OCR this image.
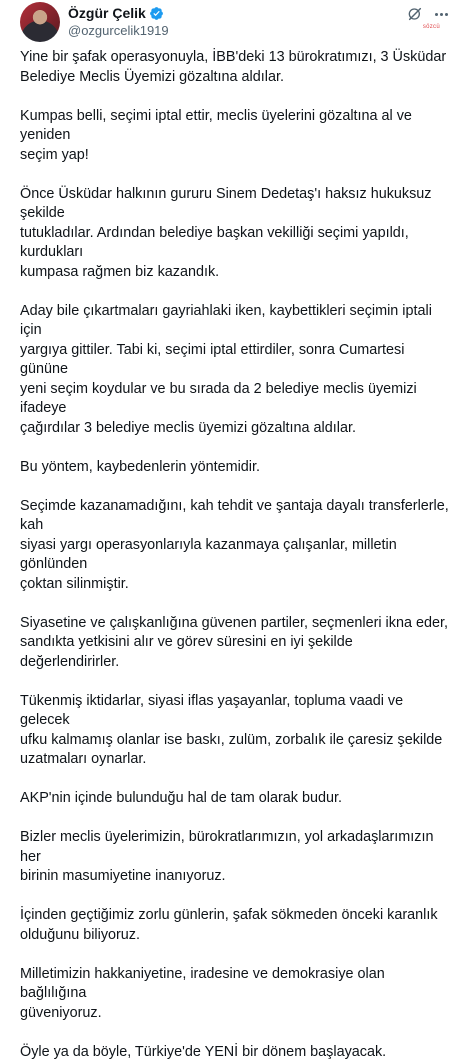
Özgür Çelik
@ozgurcelik1919	sözcü

Yine bir şafak operasyonuyla, İBB'deki 13 bürokratımızı, 3 Üsküdar
Belediye Meclis Üyemizi gözaltına aldılar.

Kumpas belli, seçimi iptal ettir, meclis üyelerini gözaltına al ve yeniden
seçim yap!

Önce Üsküdar halkının gururu Sinem Dedetaş'ı haksız hukuksuz şekilde
tutukladılar. Ardından belediye başkan vekilliği seçimi yapıldı, kurdukları
kumpasa rağmen biz kazandık.

Aday bile çıkartmaları gayriahlaki iken, kaybettikleri seçimin iptali için
yargıya gittiler. Tabi ki, seçimi iptal ettirdiler, sonra Cumartesi gününe
yeni seçim koydular ve bu sırada da 2 belediye meclis üyemizi ifadeye
çağırdılar 3 belediye meclis üyemizi gözaltına aldılar.

Bu yöntem, kaybedenlerin yöntemidir.

Seçimde kazanamadığını, kah tehdit ve şantaja dayalı transferlerle, kah
siyasi yargı operasyonlarıyla kazanmaya çalışanlar, milletin gönlünden
çoktan silinmiştir.

Siyasetine ve çalışkanlığına güvenen partiler, seçmenleri ikna eder,
sandıkta yetkisini alır ve görev süresini en iyi şekilde değerlendirirler.

Tükenmiş iktidarlar, siyasi iflas yaşayanlar, topluma vaadi ve gelecek
ufku kalmamış olanlar ise baskı, zulüm, zorbalık ile çaresiz şekilde
uzatmaları oynarlar.

AKP'nin içinde bulunduğu hal de tam olarak budur.

Bizler meclis üyelerimizin, bürokratlarımızın, yol arkadaşlarımızın her
birinin masumiyetine inanıyoruz.

İçinden geçtiğimiz zorlu günlerin, şafak sökmeden önceki karanlık
olduğunu biliyoruz.

Milletimizin hakkaniyetine, iradesine ve demokrasiye olan bağlılığına
güveniyoruz.

Öyle ya da böyle, Türkiye'de YENİ bir dönem başlayacak.
